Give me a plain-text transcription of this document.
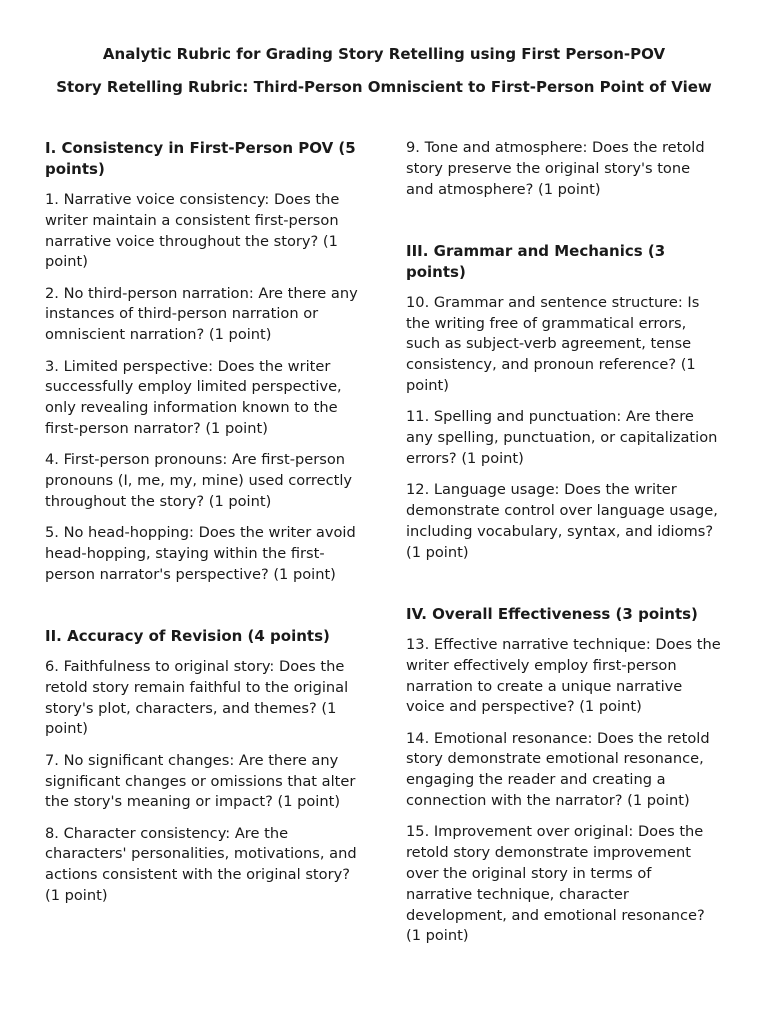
Analytic Rubric for Grading Story Retelling using First Person-POV
Story Retelling Rubric: Third-Person Omniscient to First-Person Point of View
I. Consistency in First-Person POV (5 points)
1. Narrative voice consistency: Does the writer maintain a consistent first-person narrative voice throughout the story? (1 point)
2. No third-person narration: Are there any instances of third-person narration or omniscient narration? (1 point)
3. Limited perspective: Does the writer successfully employ limited perspective, only revealing information known to the first-person narrator? (1 point)
4. First-person pronouns: Are first-person pronouns (I, me, my, mine) used correctly throughout the story? (1 point)
5. No head-hopping: Does the writer avoid head-hopping, staying within the first-person narrator's perspective? (1 point)
II. Accuracy of Revision (4 points)
6. Faithfulness to original story: Does the retold story remain faithful to the original story's plot, characters, and themes? (1 point)
7. No significant changes: Are there any significant changes or omissions that alter the story's meaning or impact? (1 point)
8. Character consistency: Are the characters' personalities, motivations, and actions consistent with the original story? (1 point)
9. Tone and atmosphere: Does the retold story preserve the original story's tone and atmosphere? (1 point)
III. Grammar and Mechanics (3 points)
10. Grammar and sentence structure: Is the writing free of grammatical errors, such as subject-verb agreement, tense consistency, and pronoun reference? (1 point)
11. Spelling and punctuation: Are there any spelling, punctuation, or capitalization errors? (1 point)
12. Language usage: Does the writer demonstrate control over language usage, including vocabulary, syntax, and idioms? (1 point)
IV. Overall Effectiveness (3 points)
13. Effective narrative technique: Does the writer effectively employ first-person narration to create a unique narrative voice and perspective? (1 point)
14. Emotional resonance: Does the retold story demonstrate emotional resonance, engaging the reader and creating a connection with the narrator? (1 point)
15. Improvement over original: Does the retold story demonstrate improvement over the original story in terms of narrative technique, character development, and emotional resonance? (1 point)
